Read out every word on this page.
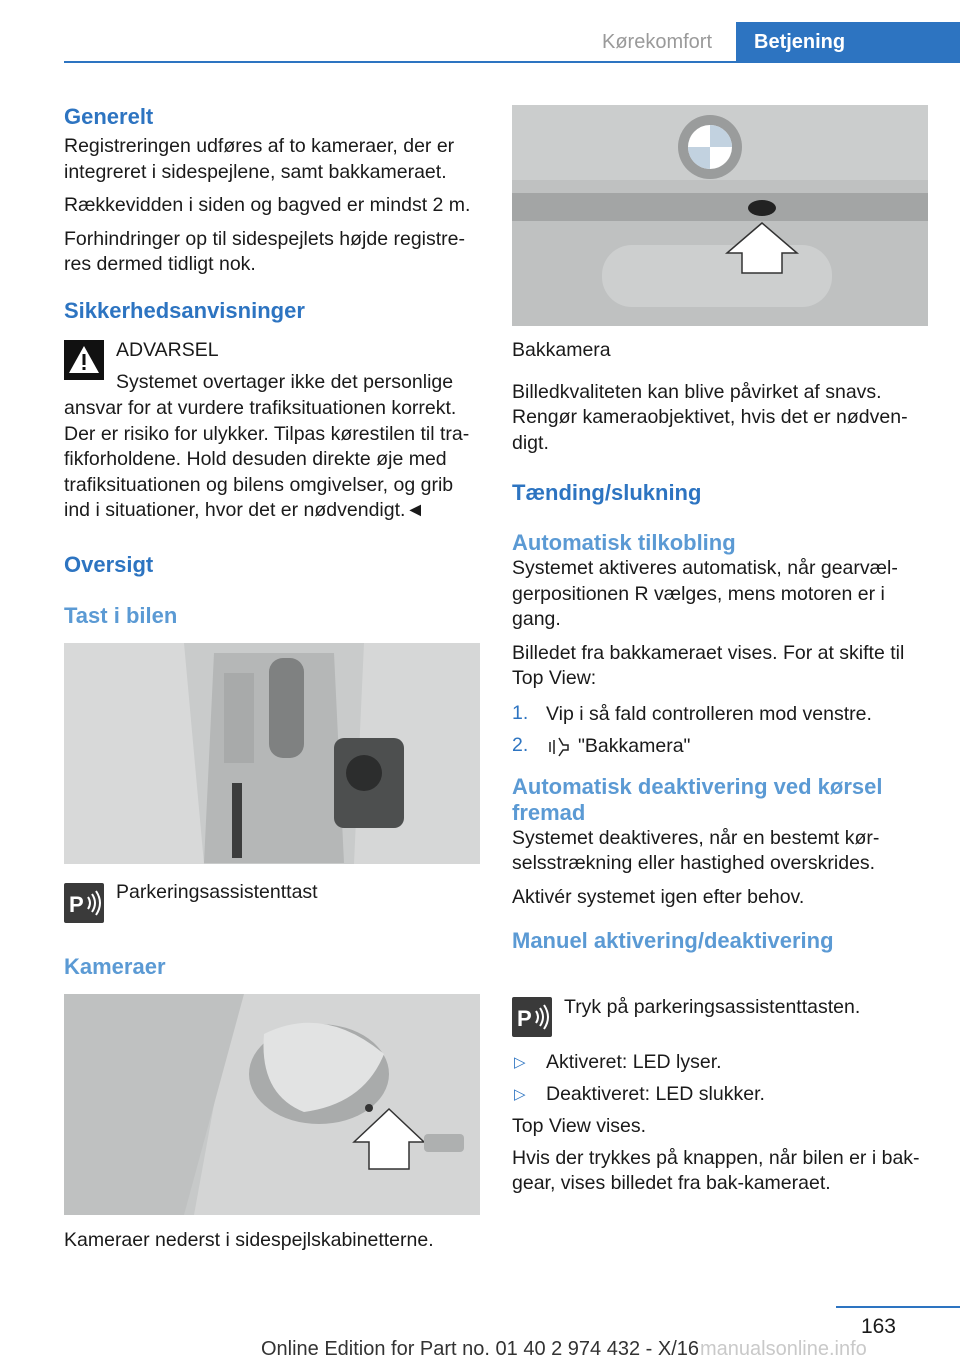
Kørekomfort	Betjening
Generelt

Registreringen udføres af to kameraer, der er integreret i sidespejlene, samt bakkameraet.

Rækkevidden i siden og bagved er mindst 2 m.

Forhindringer op til sidespejlets højde registre-res dermed tidligt nok.

Sikkerhedsanvisninger

ADVARSEL

Systemet overtager ikke det personlige

ansvar for at vurdere trafiksituationen korrekt. Der er risiko for ulykker. Tilpas kørestilen til tra-fikforholdene. Hold desuden direkte øje med trafiksituationen og bilens omgivelser, og grib ind i situationer, hvor det er nødvendigt.◄

Oversigt
Tast i bilen
P Parkeringsassistenttast

Kameraer

Kameraer nederst i sidespejlskabinetterne.

Bakkamera

Billedkvaliteten kan blive påvirket af snavs. Rengør kameraobjektivet, hvis det er nødven-digt.

Tænding/slukning
Automatisk tilkobling

Systemet aktiveres automatisk, når gearvæl-gerpositionen R vælges, mens motoren er i gang.

Billedet fra bakkameraet vises. For at skifte til Top View:

1. Vip i så fald controlleren mod venstre.

2.	"Bakkamera"

Automatisk deaktivering ved kørsel fremad

Systemet deaktiveres, når en bestemt kør-selsstrækning eller hastighed overskrides.

Aktivér systemet igen efter behov.

Manuel aktivering/deaktivering
P Tryk på parkeringsassistenttasten.

▷ Aktiveret: LED lyser.

▷ Deaktiveret: LED slukker.

Top View vises.

Hvis der trykkes på knappen, når bilen er i bak-gear, vises billedet fra bak-kameraet.

163
Online Edition for Part no. 01 40 2 974 432 - X/16 manualsonline.info
